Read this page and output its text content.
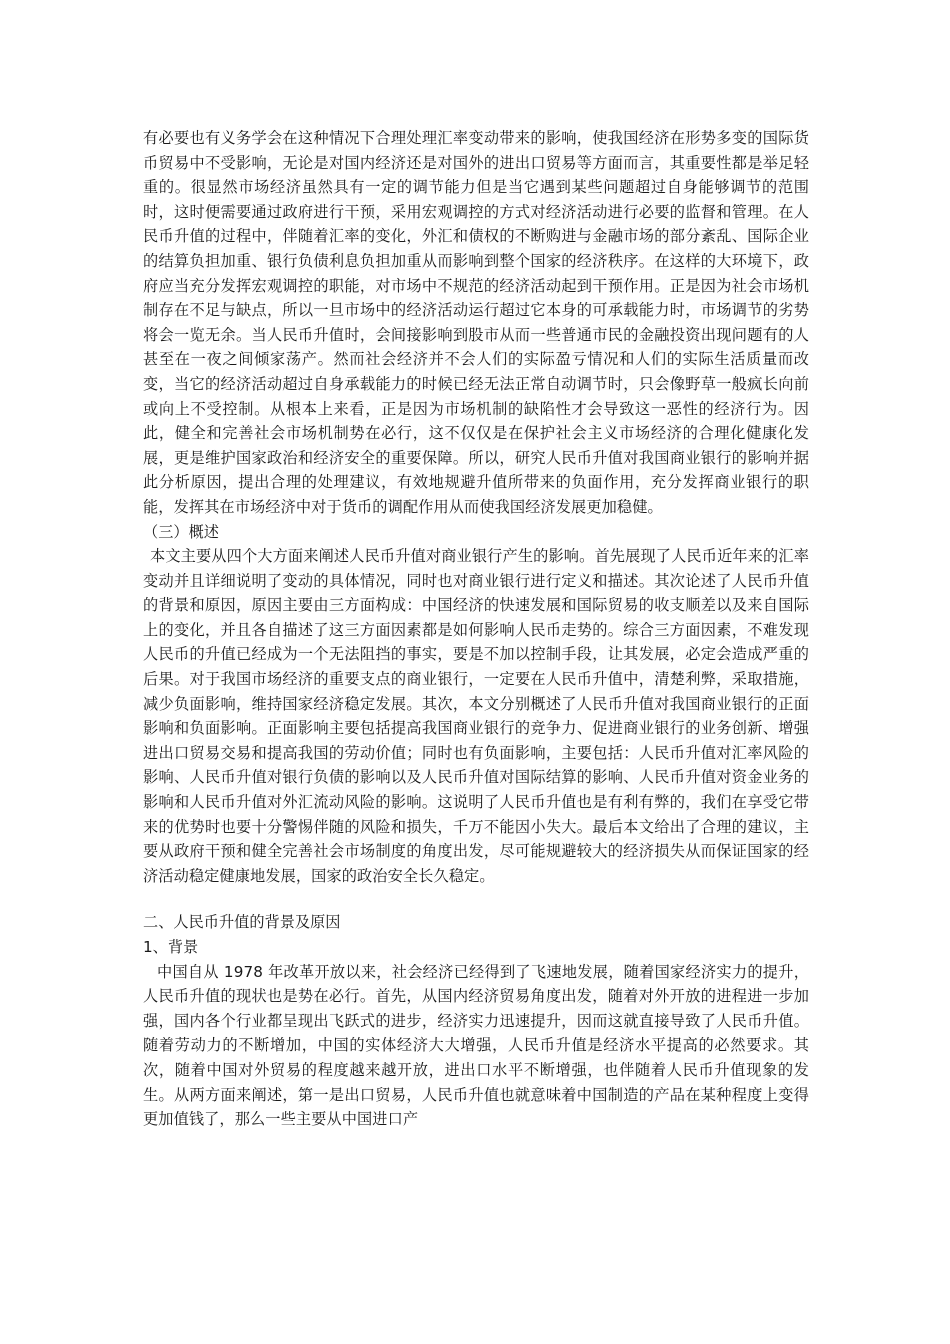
有必要也有义务学会在这种情况下合理处理汇率变动带来的影响，使我国经济在形势多变的国际货币贸易中不受影响，无论是对国内经济还是对国外的进出口贸易等方面而言，其重要性都是举足轻重的。很显然市场经济虽然具有一定的调节能力但是当它遇到某些问题超过自身能够调节的范围时，这时便需要通过政府进行干预，采用宏观调控的方式对经济活动进行必要的监督和管理。在人民币升值的过程中，伴随着汇率的变化，外汇和债权的不断购进与金融市场的部分紊乱、国际企业的结算负担加重、银行负债利息负担加重从而影响到整个国家的经济秩序。在这样的大环境下，政府应当充分发挥宏观调控的职能，对市场中不规范的经济活动起到干预作用。正是因为社会市场机制存在不足与缺点，所以一旦市场中的经济活动运行超过它本身的可承载能力时，市场调节的劣势将会一览无余。当人民币升值时，会间接影响到股市从而一些普通市民的金融投资出现问题有的人甚至在一夜之间倾家荡产。然而社会经济并不会人们的实际盈亏情况和人们的实际生活质量而改变，当它的经济活动超过自身承载能力的时候已经无法正常自动调节时，只会像野草一般疯长向前或向上不受控制。从根本上来看，正是因为市场机制的缺陷性才会导致这一恶性的经济行为。因此，健全和完善社会市场机制势在必行，这不仅仅是在保护社会主义市场经济的合理化健康化发展，更是维护国家政治和经济安全的重要保障。所以，研究人民币升值对我国商业银行的影响并据此分析原因，提出合理的处理建议，有效地规避升值所带来的负面作用，充分发挥商业银行的职能，发挥其在市场经济中对于货币的调配作用从而使我国经济发展更加稳健。

（三）概述

本文主要从四个大方面来阐述人民币升值对商业银行产生的影响。首先展现了人民币近年来的汇率变动并且详细说明了变动的具体情况，同时也对商业银行进行定义和描述。其次论述了人民币升值的背景和原因，原因主要由三方面构成：中国经济的快速发展和国际贸易的收支顺差以及来自国际上的变化，并且各自描述了这三方面因素都是如何影响人民币走势的。综合三方面因素，不难发现人民币的升值已经成为一个无法阻挡的事实，要是不加以控制手段，让其发展，必定会造成严重的后果。对于我国市场经济的重要支点的商业银行，一定要在人民币升值中，清楚利弊，采取措施，减少负面影响，维持国家经济稳定发展。其次，本文分别概述了人民币升值对我国商业银行的正面影响和负面影响。正面影响主要包括提高我国商业银行的竞争力、促进商业银行的业务创新、增强进出口贸易交易和提高我国的劳动价值；同时也有负面影响，主要包括：人民币升值对汇率风险的影响、人民币升值对银行负债的影响以及人民币升值对国际结算的影响、人民币升值对资金业务的影响和人民币升值对外汇流动风险的影响。这说明了人民币升值也是有利有弊的，我们在享受它带来的优势时也要十分警惕伴随的风险和损失，千万不能因小失大。最后本文给出了合理的建议，主要从政府干预和健全完善社会市场制度的角度出发，尽可能规避较大的经济损失从而保证国家的经济活动稳定健康地发展，国家的政治安全长久稳定。

二、人民币升值的背景及原因

1、背景

中国自从 1978 年改革开放以来，社会经济已经得到了飞速地发展，随着国家经济实力的提升，人民币升值的现状也是势在必行。首先，从国内经济贸易角度出发，随着对外开放的进程进一步加强，国内各个行业都呈现出飞跃式的进步，经济实力迅速提升，因而这就直接导致了人民币升值。随着劳动力的不断增加，中国的实体经济大大增强，人民币升值是经济水平提高的必然要求。其次，随着中国对外贸易的程度越来越开放，进出口水平不断增强，也伴随着人民币升值现象的发生。从两方面来阐述，第一是出口贸易，人民币升值也就意味着中国制造的产品在某种程度上变得更加值钱了，那么一些主要从中国进口产
